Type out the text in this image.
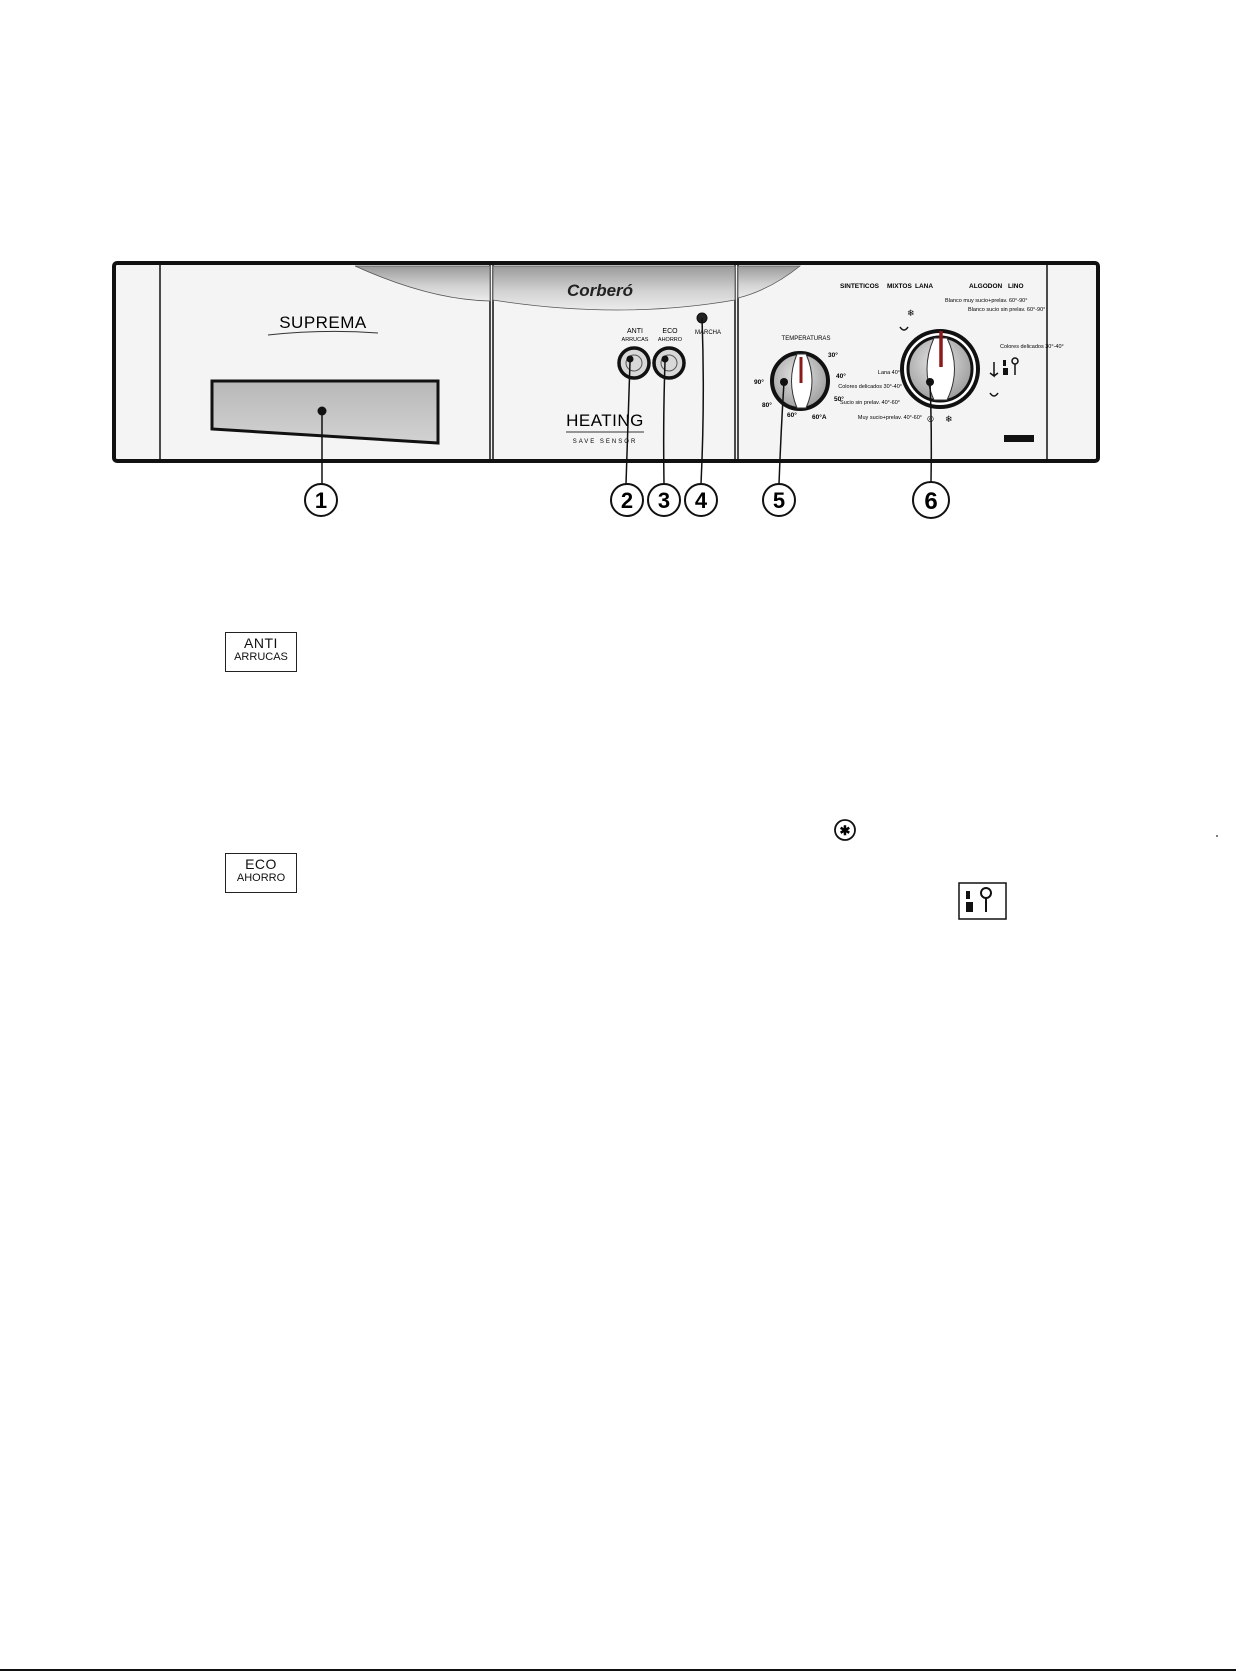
SUPREMA
Corberó
ANTI
ARRUCAS
ECO
AHORRO
MARCHA
HEATING
SAVE SENSOR
TEMPERATURAS
30°
40°
50°
60°A
60°
80°
90°
SINTETICOS MIXTOS LANA	ALGODON LINO
Blanco muy sucio+prelav. 60°-90°
Blanco sucio sin prelav. 60°-90°
Colores delicados 30°-40°
Lana 40°
Colores delicados 30°-40°
Sucio sin prelav. 40°-60°
Muy sucio+prelav. 40°-60°
❄
❄
◎
1	2 3 4	5	6
✱
ANTI
ARRUCAS
ECO
AHORRO
